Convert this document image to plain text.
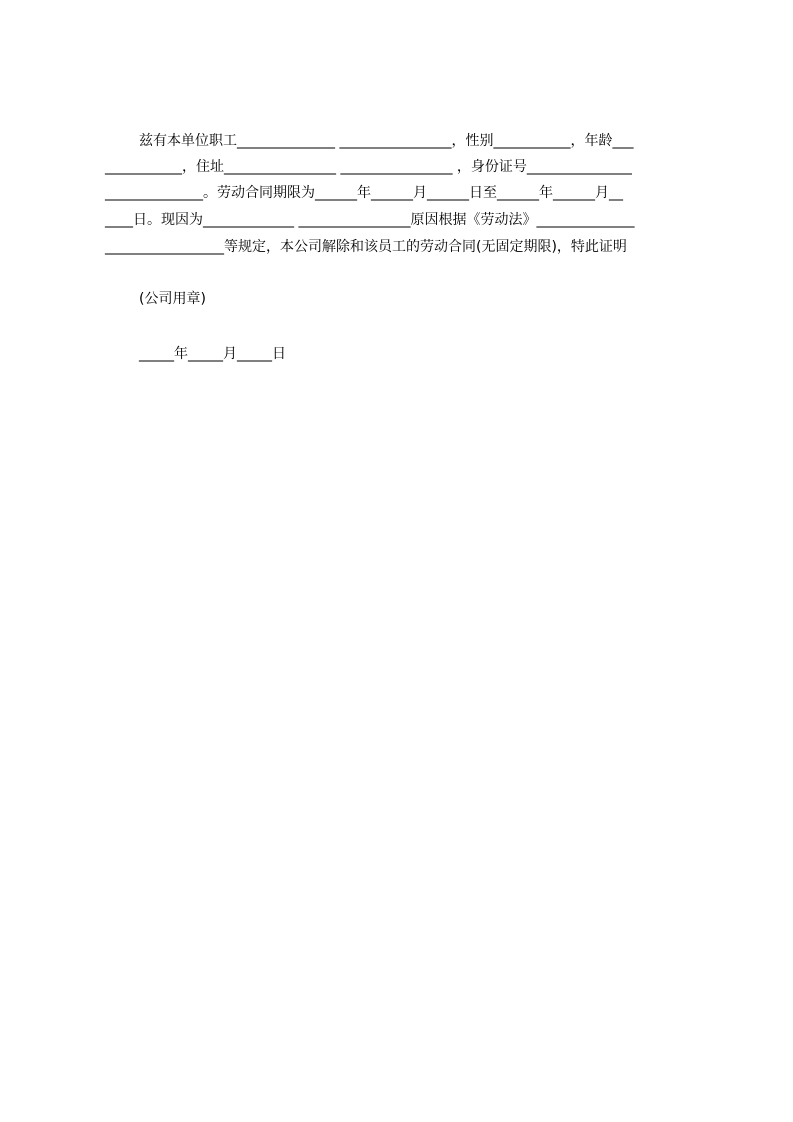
兹有本单位职工______________ ________________，性别___________，年龄___
___________，住址________________ ________________ ，身份证号_______________
______________。劳动合同期限为______年______月______日至______年______月__
____日。现因为_____________ ________________原因根据《劳动法》______________
_________________等规定，本公司解除和该员工的劳动合同(无固定期限)，特此证明
(公司用章)
_____年_____月_____日
